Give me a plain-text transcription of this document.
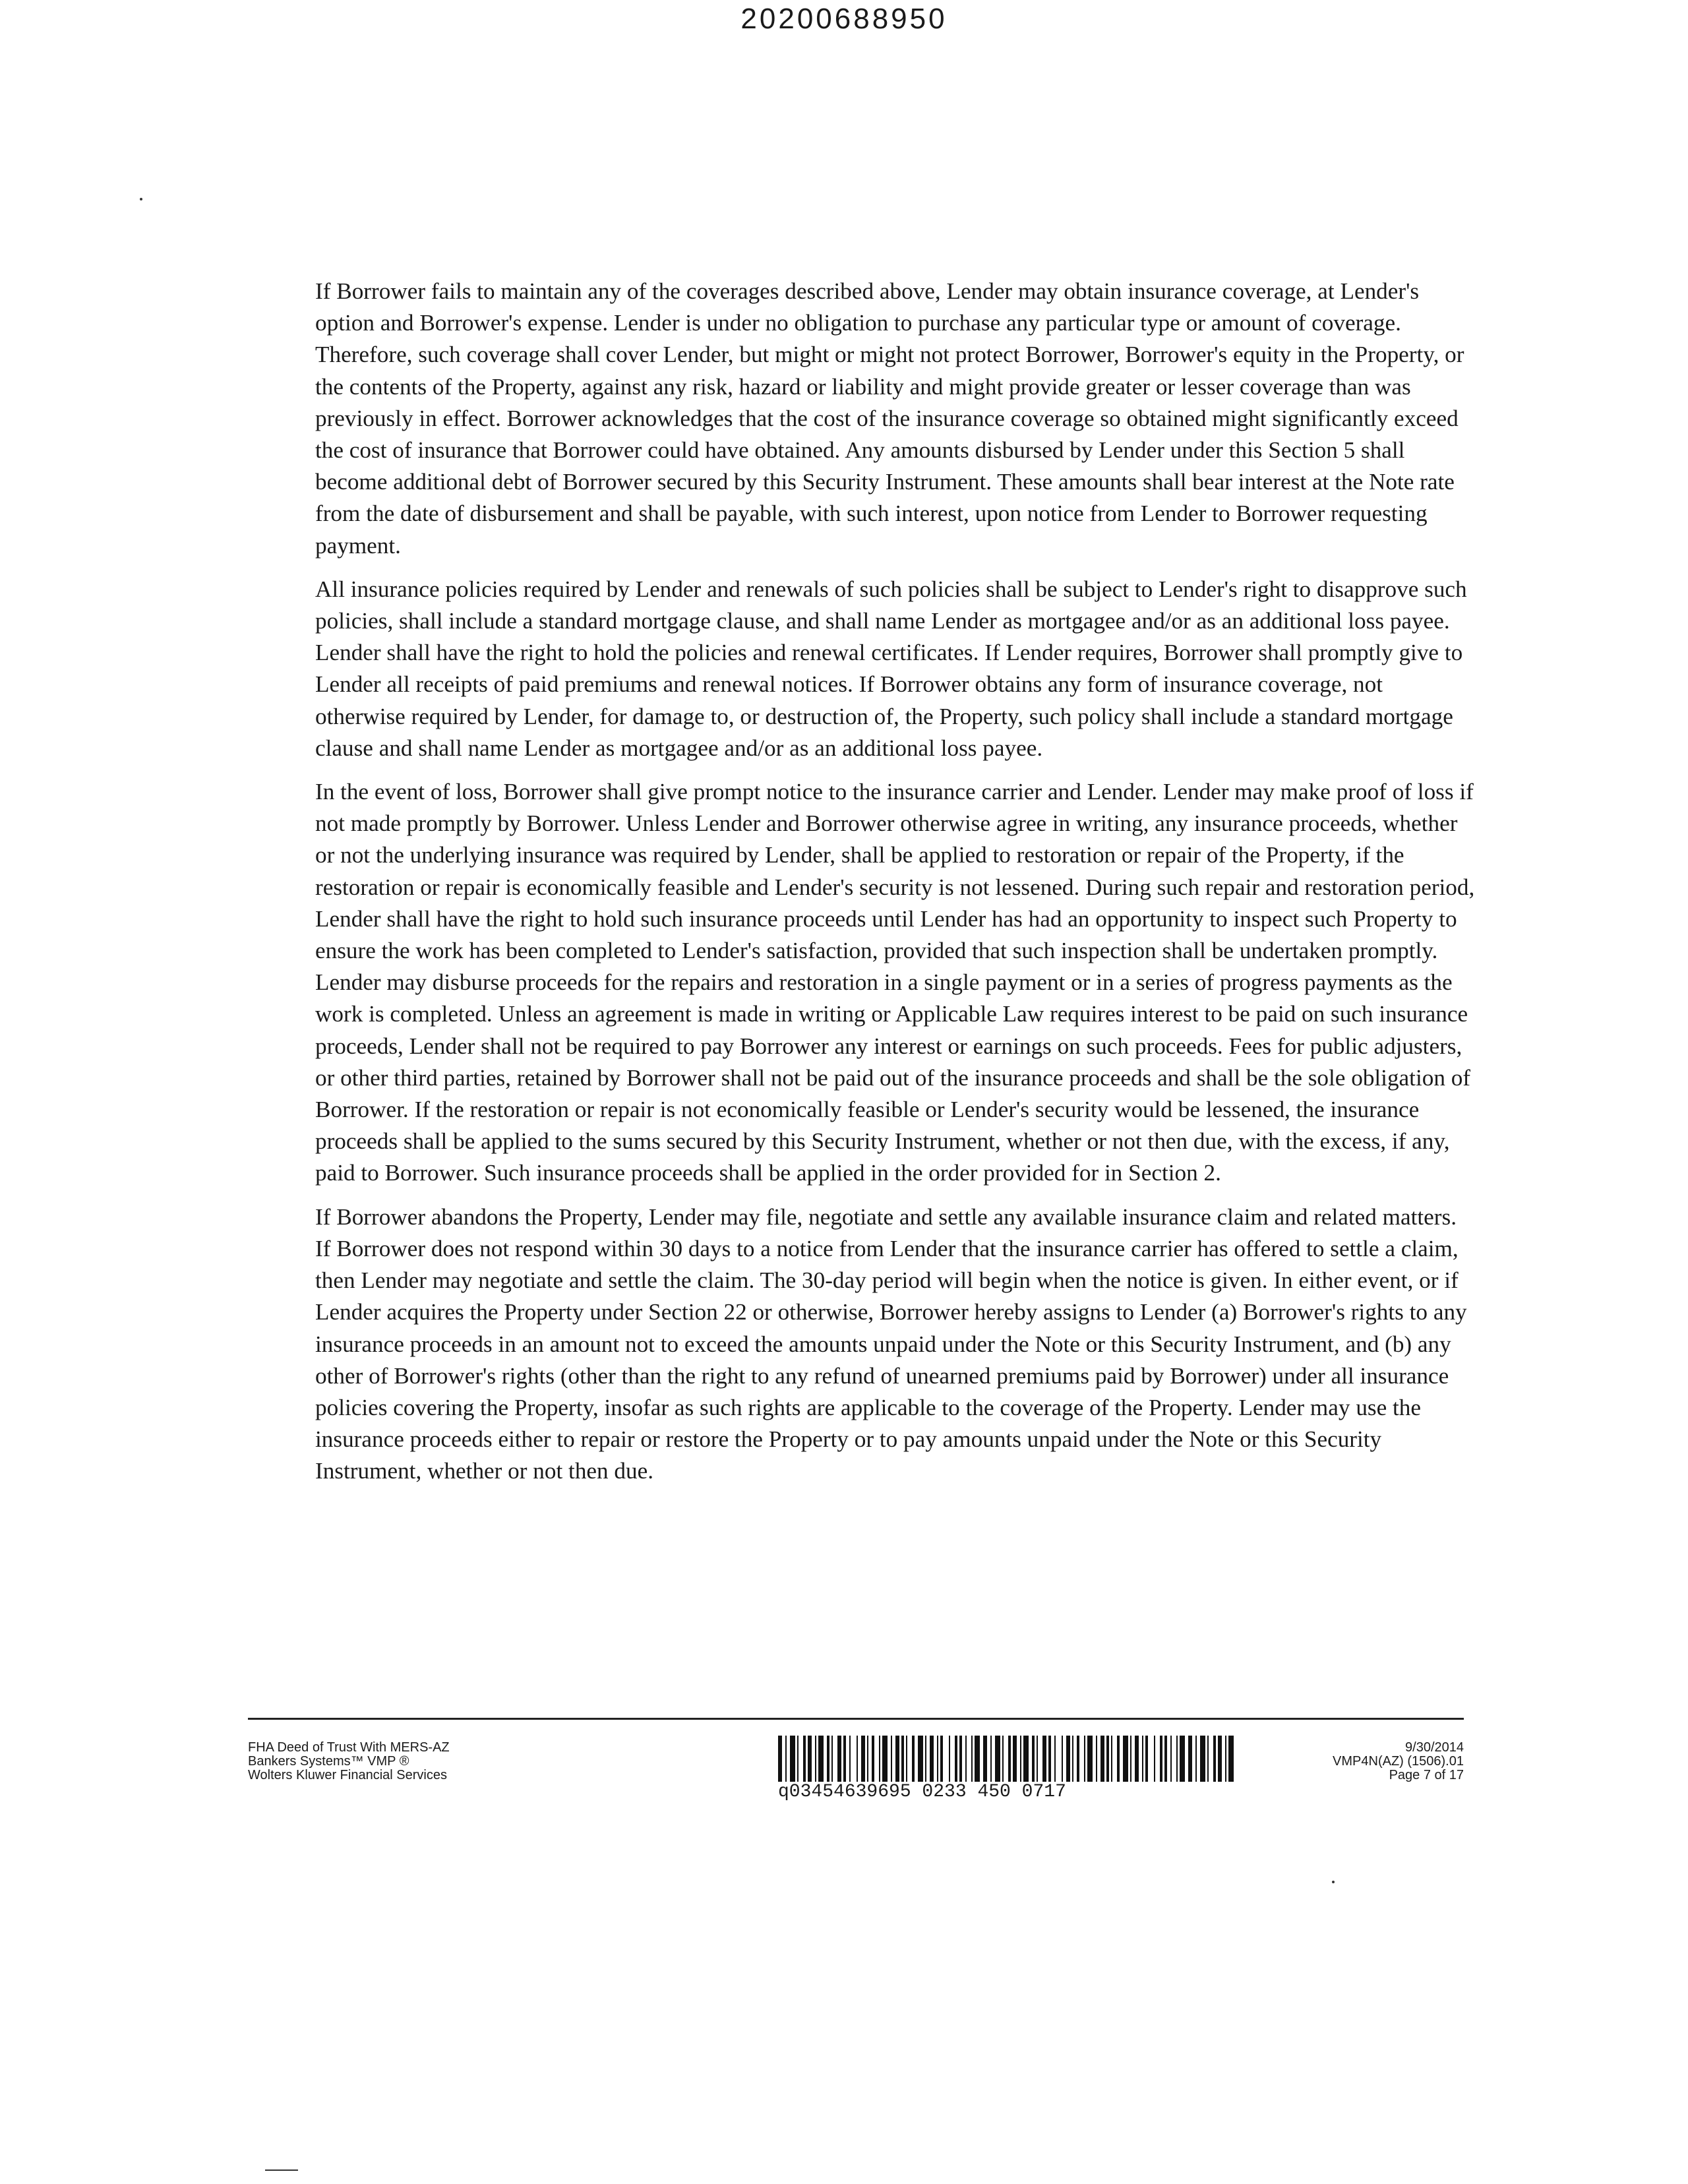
20200688950

If Borrower fails to maintain any of the coverages described above, Lender may obtain insurance coverage, at Lender's option and Borrower's expense. Lender is under no obligation to purchase any particular type or amount of coverage. Therefore, such coverage shall cover Lender, but might or might not protect Borrower, Borrower's equity in the Property, or the contents of the Property, against any risk, hazard or liability and might provide greater or lesser coverage than was previously in effect. Borrower acknowledges that the cost of the insurance coverage so obtained might significantly exceed the cost of insurance that Borrower could have obtained. Any amounts disbursed by Lender under this Section 5 shall become additional debt of Borrower secured by this Security Instrument. These amounts shall bear interest at the Note rate from the date of disbursement and shall be payable, with such interest, upon notice from Lender to Borrower requesting payment.

All insurance policies required by Lender and renewals of such policies shall be subject to Lender's right to disapprove such policies, shall include a standard mortgage clause, and shall name Lender as mortgagee and/or as an additional loss payee. Lender shall have the right to hold the policies and renewal certificates. If Lender requires, Borrower shall promptly give to Lender all receipts of paid premiums and renewal notices. If Borrower obtains any form of insurance coverage, not otherwise required by Lender, for damage to, or destruction of, the Property, such policy shall include a standard mortgage clause and shall name Lender as mortgagee and/or as an additional loss payee.

In the event of loss, Borrower shall give prompt notice to the insurance carrier and Lender. Lender may make proof of loss if not made promptly by Borrower. Unless Lender and Borrower otherwise agree in writing, any insurance proceeds, whether or not the underlying insurance was required by Lender, shall be applied to restoration or repair of the Property, if the restoration or repair is economically feasible and Lender's security is not lessened. During such repair and restoration period, Lender shall have the right to hold such insurance proceeds until Lender has had an opportunity to inspect such Property to ensure the work has been completed to Lender's satisfaction, provided that such inspection shall be undertaken promptly. Lender may disburse proceeds for the repairs and restoration in a single payment or in a series of progress payments as the work is completed. Unless an agreement is made in writing or Applicable Law requires interest to be paid on such insurance proceeds, Lender shall not be required to pay Borrower any interest or earnings on such proceeds. Fees for public adjusters, or other third parties, retained by Borrower shall not be paid out of the insurance proceeds and shall be the sole obligation of Borrower. If the restoration or repair is not economically feasible or Lender's security would be lessened, the insurance proceeds shall be applied to the sums secured by this Security Instrument, whether or not then due, with the excess, if any, paid to Borrower. Such insurance proceeds shall be applied in the order provided for in Section 2.

If Borrower abandons the Property, Lender may file, negotiate and settle any available insurance claim and related matters. If Borrower does not respond within 30 days to a notice from Lender that the insurance carrier has offered to settle a claim, then Lender may negotiate and settle the claim. The 30-day period will begin when the notice is given. In either event, or if Lender acquires the Property under Section 22 or otherwise, Borrower hereby assigns to Lender (a) Borrower's rights to any insurance proceeds in an amount not to exceed the amounts unpaid under the Note or this Security Instrument, and (b) any other of Borrower's rights (other than the right to any refund of unearned premiums paid by Borrower) under all insurance policies covering the Property, insofar as such rights are applicable to the coverage of the Property. Lender may use the insurance proceeds either to repair or restore the Property or to pay amounts unpaid under the Note or this Security Instrument, whether or not then due.

FHA Deed of Trust With MERS-AZ
Bankers Systems™ VMP ®
Wolters Kluwer Financial Services
q03454639695 0233 450 0717
9/30/2014
VMP4N(AZ) (1506).01
Page 7 of 17
